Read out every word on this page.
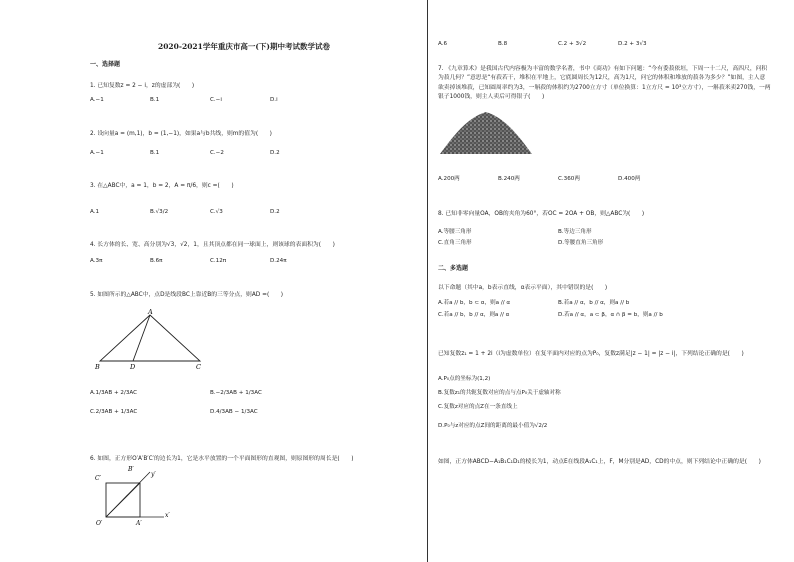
2020-2021学年重庆市高一(下)期中考试数学试卷
一、选择题
1. 已知复数z = 2 − i，z的虚部为(　　)
A.−1	B.1	C.−i	D.i
2. 设向量a = (m,1)，b = (1,−1)，如果a与b共线，则m的值为(　　)
A.−1	B.1	C.−2	D.2
3. 在△ABC中，a = 1，b = 2，A = π/6，则c =(　　)
A.1	B.√3/2	C.√3	D.2
4. 长方体的长、宽、高分别为√3，√2，1，且其顶点都在同一球面上，则该球的表面积为(　　)
A.3π	B.6π	C.12π	D.24π
5. 如图所示的△ABC中，点D是线段BC上靠近B的三等分点，则AD =(　　)
A
B	D	C
A.1/3AB + 2/3AC	B.−2/3AB + 1/3AC
C.2/3AB + 1/3AC	D.4/3AB − 1/3AC
6. 如图，正方形O′A′B′C′的边长为1，它是水平放置的一个平面图形的直观图，则原图形的周长是(　　)
B′
C′
y′
x′
O′	A′
A.6	B.8	C.2 + 3√2	D.2 + 3√3
7. 《九章算术》是我国古代内容极为丰富的数学名著，书中《商功》有如下问题：“今有委菽依垣，下周一十二尺，高四尺，问积为菽几何？”意思是“有菽若干，堆积在平地上，它底圆周长为12尺，高为1尺，问它的体积和堆放的菽各为多少？”如图，主人意欲卖掉该堆菽，已知圆周率约为3，一斛菽的体积约为2700立方寸（单位换算：1立方尺 = 10³立方寸），一斛菽米卖270钱，一两银子1000钱，则主人卖后可得银子(　　)
A.200两	B.240两	C.360两	D.400两
8. 已知非零向量OA，OB的夹角为60°，若OC = 2OA + OB，则△ABC为(　　)
A.等腰三角形	B.等边三角形
C.直角三角形	D.等腰直角三角形
二、多选题
以下命题（其中a，b表示直线，α表示平面），其中错误的是(　　)
A.若a // b，b ⊂ α，则a // α	B.若a // α，b // α，则a // b
C.若a // b，b // α，则a // α	D.若a // α，a ⊂ β，α ∩ β = b，则a // b
已知复数z₁ = 1 + 2i（i为虚数单位）在复平面内对应的点为P₀，复数z满足|z − 1| = |z − i|，下列结论正确的是(　　)
A.P₀点的坐标为(1,2)
B.复数z₁的共轭复数对应的点与点P₀关于虚轴对称
C.复数z对应的点Z在一条直线上
D.P₀与z对应的点Z间的距离的最小值为√2/2
如图，正方体ABCD−A₁B₁C₁D₁的棱长为1，动点E在线段A₁C₁上，F，M分别是AD，CD的中点，则下列结论中正确的是(　　)
